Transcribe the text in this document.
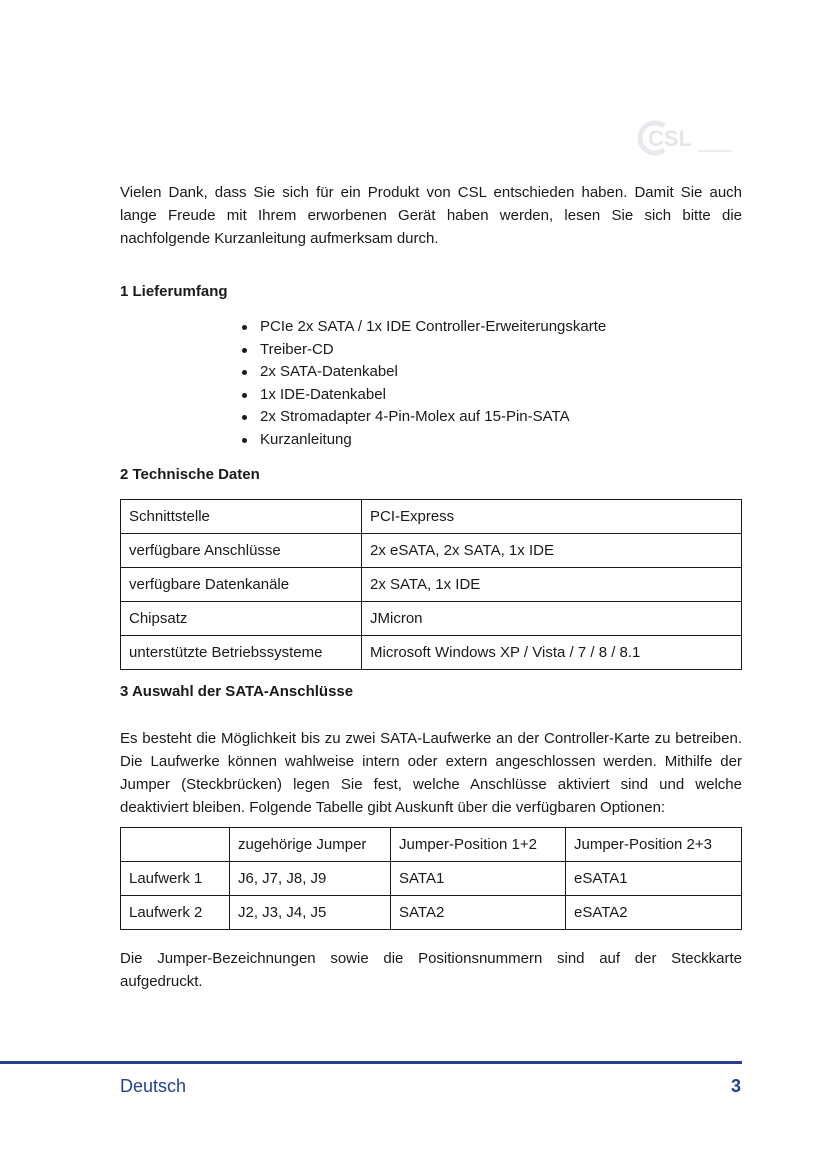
CSL

Vielen Dank, dass Sie sich für ein Produkt von CSL entschieden haben. Damit Sie auch lange Freude mit Ihrem erworbenen Gerät haben werden, lesen Sie sich bitte die nachfolgende Kurzanleitung aufmerksam durch.

1 Lieferumfang
PCIe 2x SATA / 1x IDE Controller-Erweiterungskarte
Treiber-CD
2x SATA-Datenkabel
1x IDE-Datenkabel
2x Stromadapter 4-Pin-Molex auf 15-Pin-SATA
Kurzanleitung
2 Technische Daten
Schnittstelle	PCI-Express
verfügbare Anschlüsse	2x eSATA, 2x SATA, 1x IDE
verfügbare Datenkanäle	2x SATA, 1x IDE
Chipsatz	JMicron
unterstützte Betriebssysteme	Microsoft Windows XP / Vista / 7 / 8 / 8.1
3 Auswahl der SATA-Anschlüsse

Es besteht die Möglichkeit bis zu zwei SATA-Laufwerke an der Controller-Karte zu betreiben. Die Laufwerke können wahlweise intern oder extern angeschlossen werden. Mithilfe der Jumper (Steckbrücken) legen Sie fest, welche Anschlüsse aktiviert sind und welche deaktiviert bleiben. Folgende Tabelle gibt Auskunft über die verfügbaren Optionen:

	zugehörige Jumper	Jumper-Position 1+2	Jumper-Position 2+3
Laufwerk 1	J6, J7, J8, J9	SATA1	eSATA1
Laufwerk 2	J2, J3, J4, J5	SATA2	eSATA2

Die Jumper-Bezeichnungen sowie die Positionsnummern sind auf der Steckkarte aufgedruckt.

Deutsch	3
